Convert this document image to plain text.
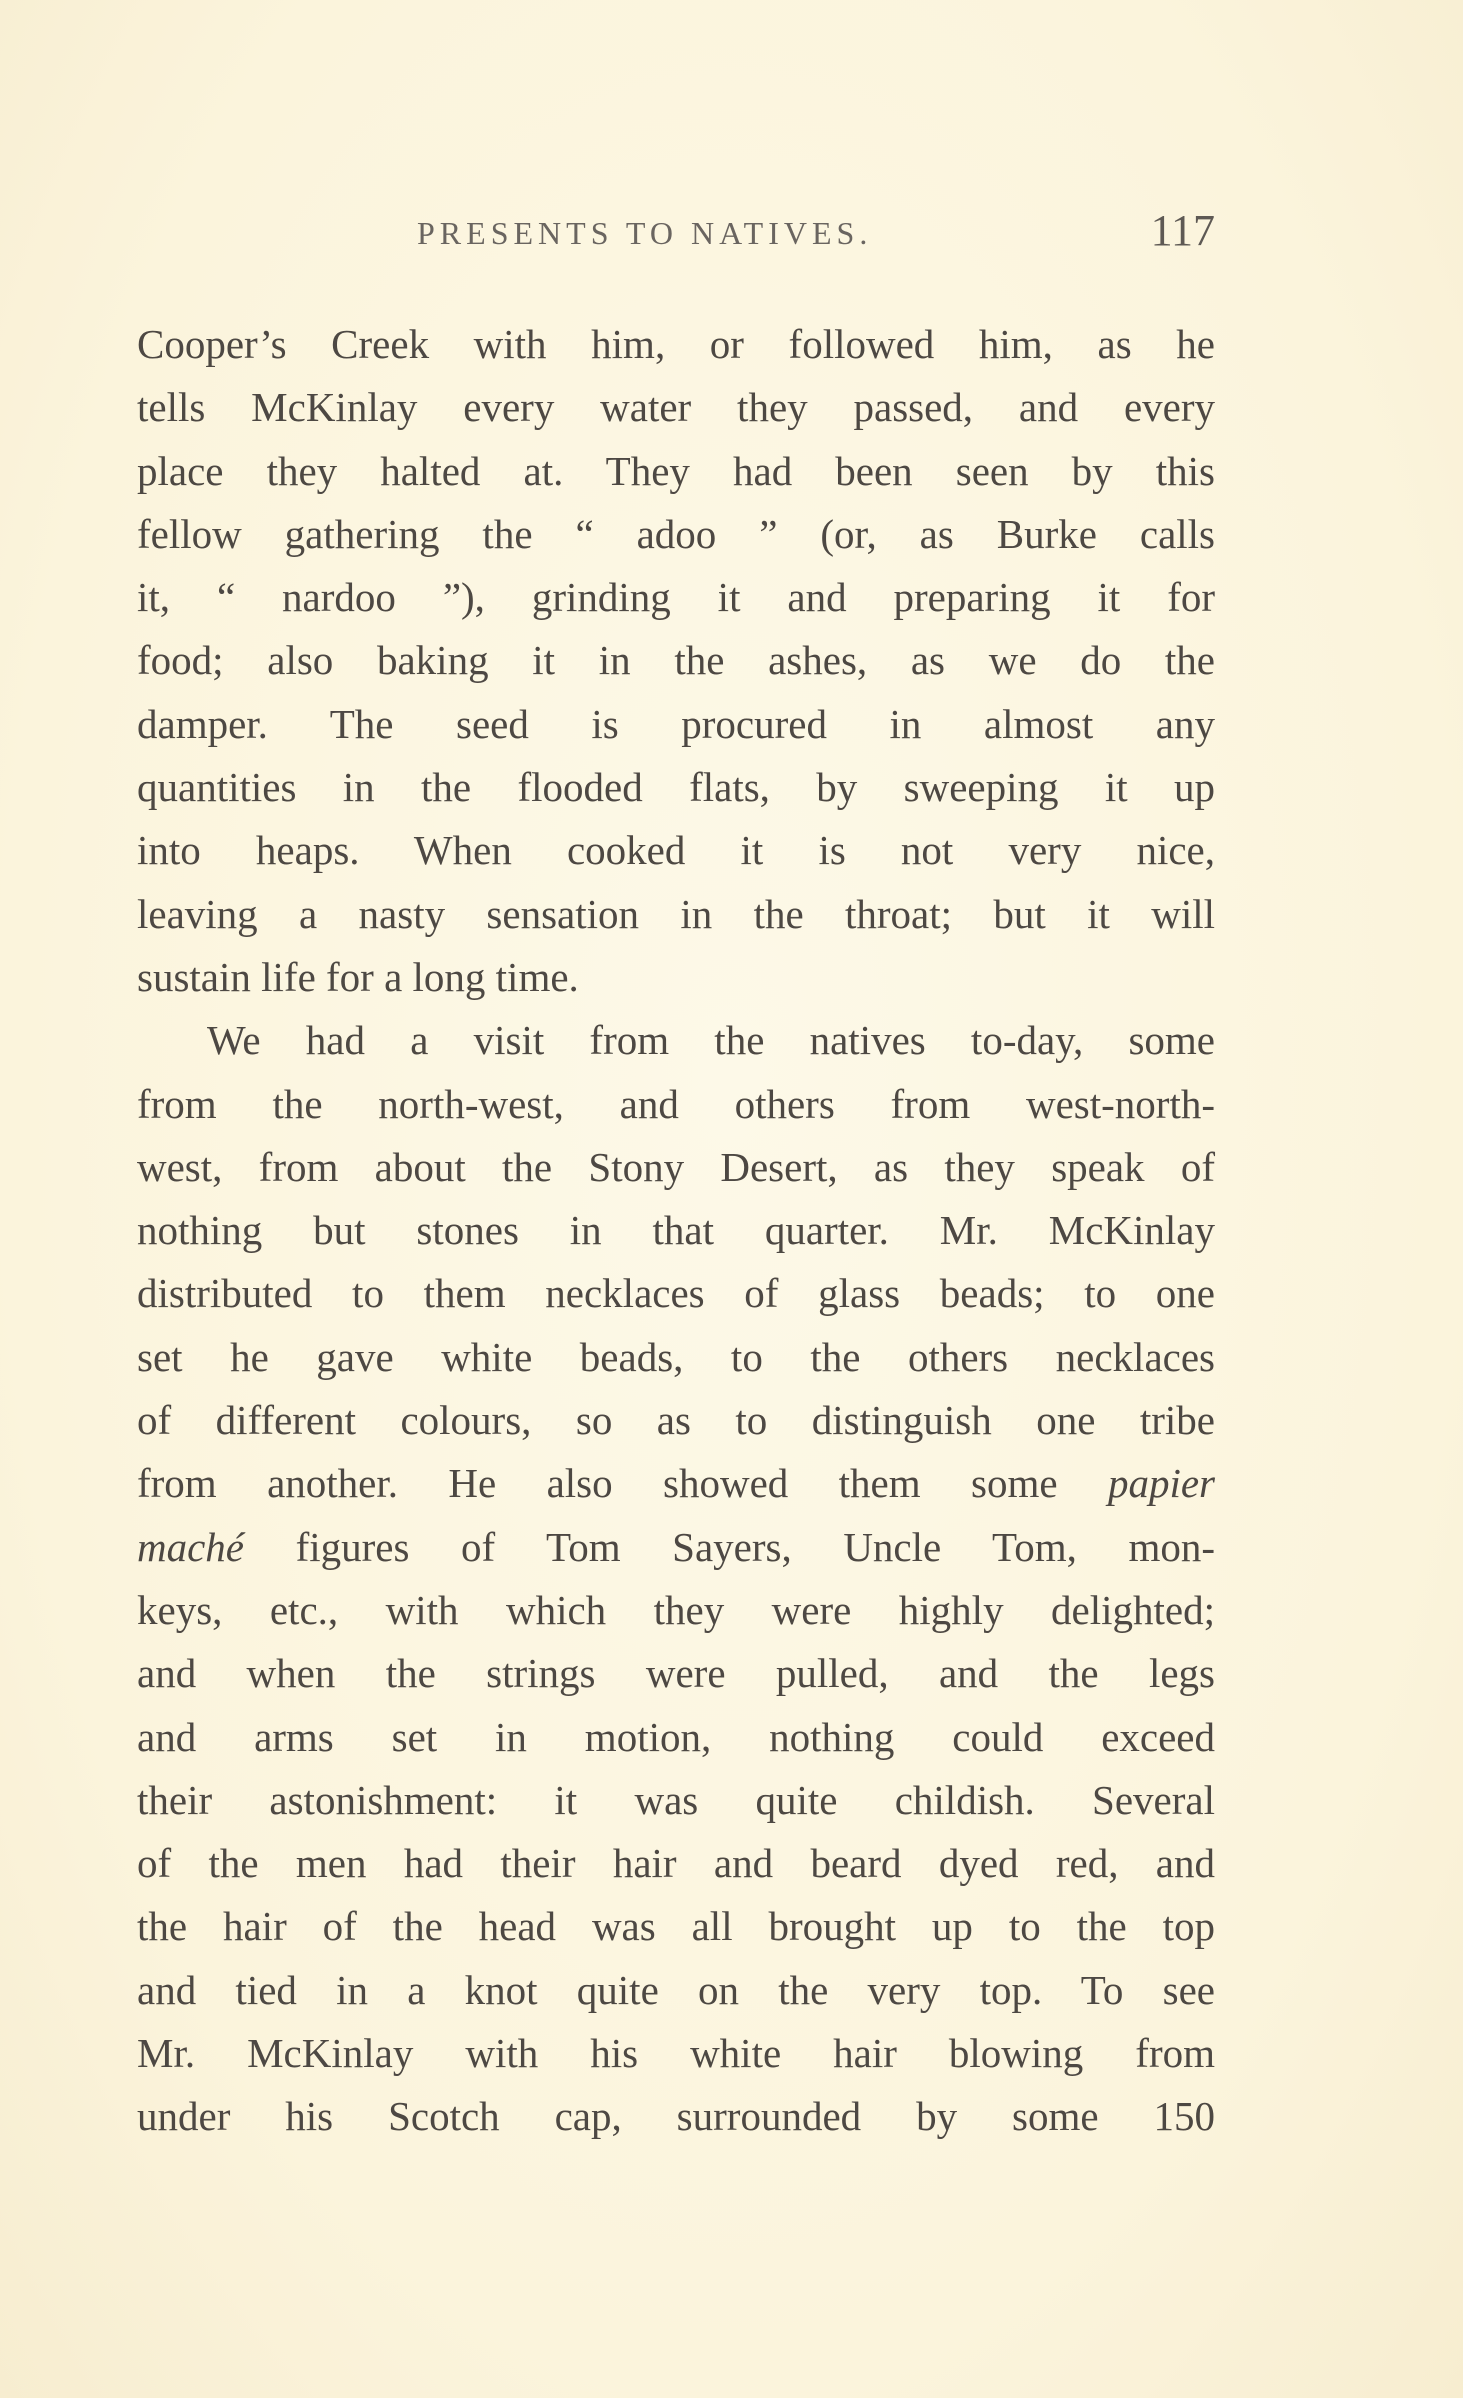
PRESENTS TO NATIVES.	117
Cooper’s Creek with him, or followed him, as he
tells McKinlay every water they passed, and every
place they halted at. They had been seen by this
fellow gathering the “ adoo ” (or, as Burke calls
it, “ nardoo ”), grinding it and preparing it for
food; also baking it in the ashes, as we do the
damper. The seed is procured in almost any
quantities in the flooded flats, by sweeping it up
into heaps. When cooked it is not very nice,
leaving a nasty sensation in the throat; but it will
sustain life for a long time.
We had a visit from the natives to-day, some
from the north-west, and others from west-north-
west, from about the Stony Desert, as they speak of
nothing but stones in that quarter. Mr. McKinlay
distributed to them necklaces of glass beads; to one
set he gave white beads, to the others necklaces
of different colours, so as to distinguish one tribe
from another. He also showed them some papier
maché figures of Tom Sayers, Uncle Tom, mon-
keys, etc., with which they were highly delighted;
and when the strings were pulled, and the legs
and arms set in motion, nothing could exceed
their astonishment: it was quite childish. Several
of the men had their hair and beard dyed red, and
the hair of the head was all brought up to the top
and tied in a knot quite on the very top. To see
Mr. McKinlay with his white hair blowing from
under his Scotch cap, surrounded by some 150
